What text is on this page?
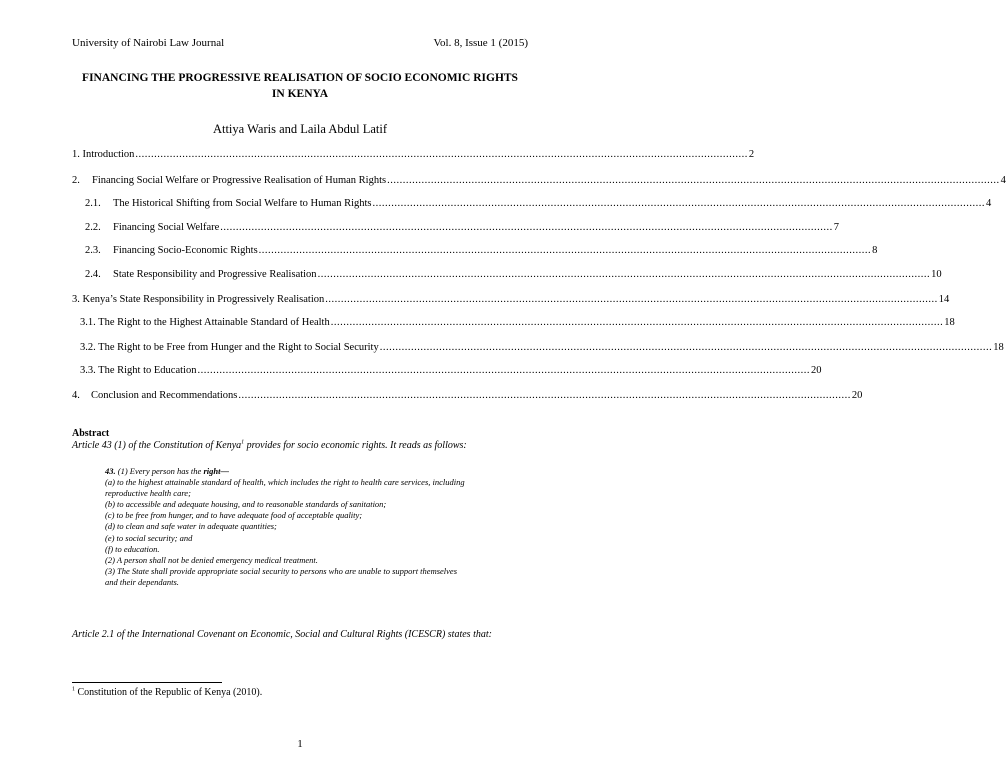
University of Nairobi Law Journal	Vol. 8, Issue 1 (2015)
FINANCING THE PROGRESSIVE REALISATION OF SOCIO ECONOMIC RIGHTS
IN KENYA
Attiya Waris and Laila Abdul Latif
1. Introduction .................................................................................................................................................................................................... 2
2.	Financing Social Welfare or Progressive Realisation of Human Rights .................................................................................................................................................................................................... 4
2.1.	The Historical Shifting from Social Welfare to Human Rights .................................................................................................................................................................................................... 4
2.2.	Financing Social Welfare .................................................................................................................................................................................................... 7
2.3.	Financing Socio-Economic Rights .................................................................................................................................................................................................... 8
2.4.	State Responsibility and Progressive Realisation .................................................................................................................................................................................................... 10
3. Kenya’s State Responsibility in Progressively Realisation .................................................................................................................................................................................................... 14
3.1. The Right to the Highest Attainable Standard of Health .................................................................................................................................................................................................... 18
3.2. The Right to be Free from Hunger and the Right to Social Security .................................................................................................................................................................................................... 18
3.3. The Right to Education .................................................................................................................................................................................................... 20
4.	Conclusion and Recommendations .................................................................................................................................................................................................... 20
Abstract
Article 43 (1) of the Constitution of Kenya$^1$ provides for socio economic rights. It reads as follows:
43. (1) Every person has the right—
(a) to the highest attainable standard of health, which includes the right to health care services, including
reproductive health care;
(b) to accessible and adequate housing, and to reasonable standards of sanitation;
(c) to be free from hunger, and to have adequate food of acceptable quality;
(d) to clean and safe water in adequate quantities;
(e) to social security; and
(f) to education.
(2) A person shall not be denied emergency medical treatment.
(3) The State shall provide appropriate social security to persons who are unable to support themselves
and their dependants.
Article 2.1 of the International Covenant on Economic, Social and Cultural Rights (ICESCR) states that:
$^1$ Constitution of the Republic of Kenya (2010).
1
